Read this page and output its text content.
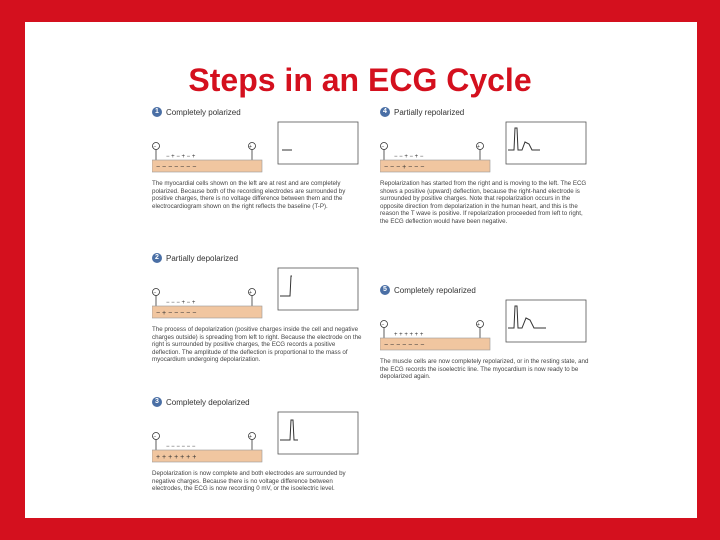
Steps in an ECG Cycle
1 Completely polarized
−	+
− + − + − +
− − − − − − −
The myocardial cells shown on the left are at rest and are completely polarized. Because both of the recording electrodes are surrounded by positive charges, there is no voltage difference between them and the electrocardiogram shown on the right reflects the baseline (T-P).
2 Partially depolarized
−	+
− − − + − +
− + − − − − −
The process of depolarization (positive charges inside the cell and negative charges outside) is spreading from left to right. Because the electrode on the right is surrounded by positive charges, the ECG records a positive deflection. The amplitude of the deflection is proportional to the mass of myocardium undergoing depolarization.
3 Completely depolarized
−	+
− − − − − −
+ + + + + + +
Depolarization is now complete and both electrodes are surrounded by negative charges. Because there is no voltage difference between electrodes, the ECG is now recording 0 mV, or the isoelectric level.
4 Partially repolarized
−	+
− − + − + −
− − − + − − −
Repolarization has started from the right and is moving to the left. The ECG shows a positive (upward) deflection, because the right-hand electrode is surrounded by positive charges. Note that repolarization occurs in the opposite direction from depolarization in the human heart, and this is the reason the T wave is positive. If repolarization proceeded from left to right, the ECG deflection would have been negative.
5 Completely repolarized
−	+
+ + + + + +
− − − − − − −
The muscle cells are now completely repolarized, or in the resting state, and the ECG records the isoelectric line. The myocardium is now ready to be depolarized again.
